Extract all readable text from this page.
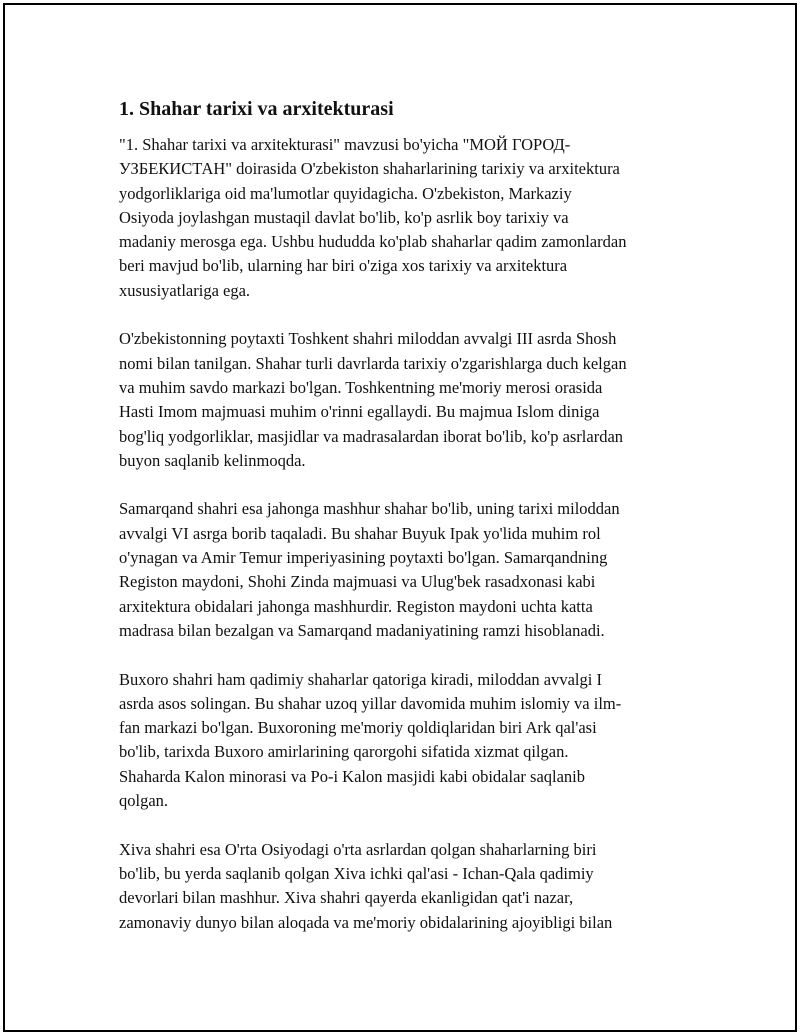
1. Shahar tarixi va arxitekturasi

"1. Shahar tarixi va arxitekturasi" mavzusi bo'yicha "МОЙ ГОРОД-
УЗБЕКИСТАН" doirasida O'zbekiston shaharlarining tarixiy va arxitektura
yodgorliklariga oid ma'lumotlar quyidagicha. O'zbekiston, Markaziy
Osiyoda joylashgan mustaqil davlat bo'lib, ko'p asrlik boy tarixiy va
madaniy merosga ega. Ushbu hududda ko'plab shaharlar qadim zamonlardan
beri mavjud bo'lib, ularning har biri o'ziga xos tarixiy va arxitektura
xususiyatlariga ega.

O'zbekistonning poytaxti Toshkent shahri miloddan avvalgi III asrda Shosh
nomi bilan tanilgan. Shahar turli davrlarda tarixiy o'zgarishlarga duch kelgan
va muhim savdo markazi bo'lgan. Toshkentning me'moriy merosi orasida
Hasti Imom majmuasi muhim o'rinni egallaydi. Bu majmua Islom diniga
bog'liq yodgorliklar, masjidlar va madrasalardan iborat bo'lib, ko'p asrlardan
buyon saqlanib kelinmoqda.

Samarqand shahri esa jahonga mashhur shahar bo'lib, uning tarixi miloddan
avvalgi VI asrga borib taqaladi. Bu shahar Buyuk Ipak yo'lida muhim rol
o'ynagan va Amir Temur imperiyasining poytaxti bo'lgan. Samarqandning
Registon maydoni, Shohi Zinda majmuasi va Ulug'bek rasadxonasi kabi
arxitektura obidalari jahonga mashhurdir. Registon maydoni uchta katta
madrasa bilan bezalgan va Samarqand madaniyatining ramzi hisoblanadi.

Buxoro shahri ham qadimiy shaharlar qatoriga kiradi, miloddan avvalgi I
asrda asos solingan. Bu shahar uzoq yillar davomida muhim islomiy va ilm-
fan markazi bo'lgan. Buxoroning me'moriy qoldiqlaridan biri Ark qal'asi
bo'lib, tarixda Buxoro amirlarining qarorgohi sifatida xizmat qilgan.
Shaharda Kalon minorasi va Po-i Kalon masjidi kabi obidalar saqlanib
qolgan.

Xiva shahri esa O'rta Osiyodagi o'rta asrlardan qolgan shaharlarning biri
bo'lib, bu yerda saqlanib qolgan Xiva ichki qal'asi - Ichan-Qala qadimiy
devorlari bilan mashhur. Xiva shahri qayerda ekanligidan qat'i nazar,
zamonaviy dunyo bilan aloqada va me'moriy obidalarining ajoyibligi bilan
